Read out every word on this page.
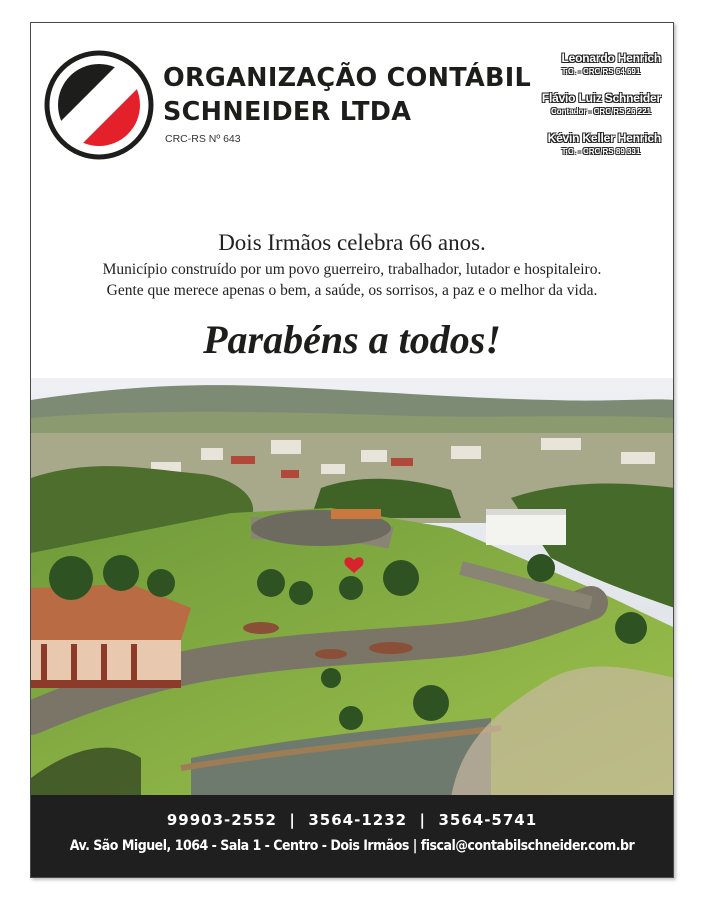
ORGANIZAÇÃO CONTÁBIL
SCHNEIDER LTDA
CRC-RS Nº 643
Leonardo Henrich
T.C. - CRC/RS 64.691
Flávio Luiz Schneider
Contador - CRC/RS 26.221
Kévin Keller Henrich
T.C. - CRC/RS 89.331
Dois Irmãos celebra 66 anos.
Município construído por um povo guerreiro, trabalhador, lutador e hospitaleiro.
Gente que merece apenas o bem, a saúde, os sorrisos, a paz e o melhor da vida.
Parabéns a todos!
99903-2552  |  3564-1232  |  3564-5741
Av. São Miguel, 1064 - Sala 1 - Centro - Dois Irmãos | fiscal@contabilschneider.com.br
